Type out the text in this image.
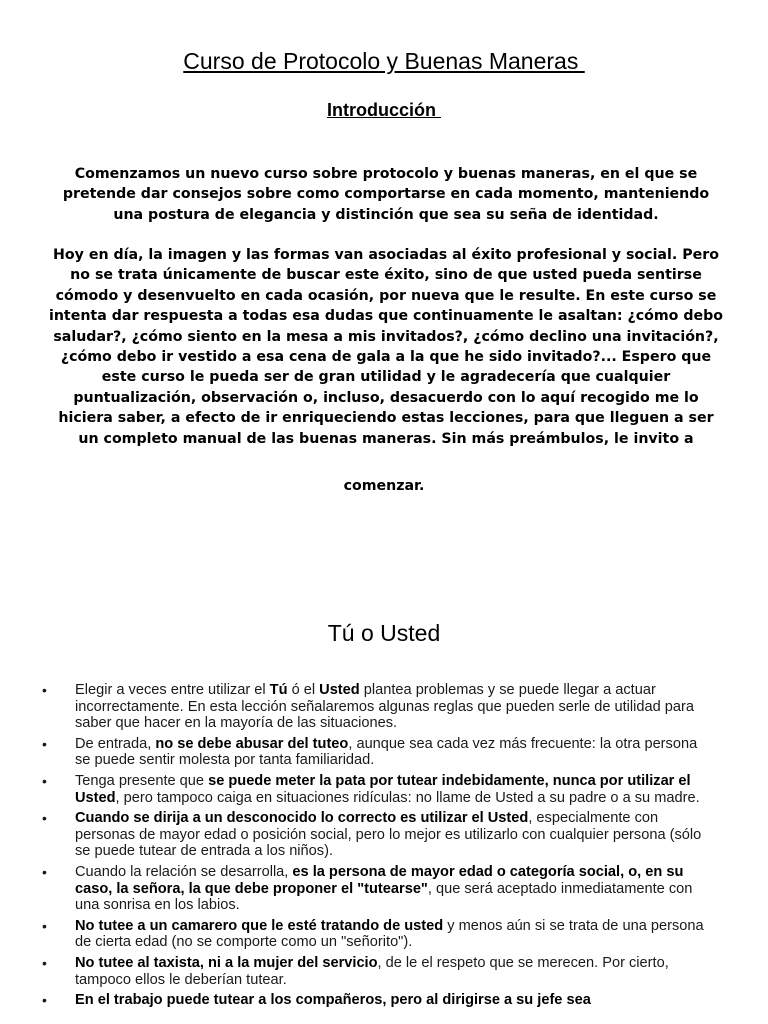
Curso de Protocolo y Buenas Maneras
Introducción
Comenzamos un nuevo curso sobre protocolo y buenas maneras, en el que se pretende dar consejos sobre como comportarse en cada momento, manteniendo una postura de elegancia y distinción que sea su seña de identidad.
Hoy en día, la imagen y las formas van asociadas al éxito profesional y social. Pero no se trata únicamente de buscar este éxito, sino de que usted pueda sentirse cómodo y desenvuelto en cada ocasión, por nueva que le resulte. En este curso se intenta dar respuesta a todas esa dudas que continuamente le asaltan: ¿cómo debo saludar?, ¿cómo siento en la mesa a mis invitados?, ¿cómo declino una invitación?, ¿cómo debo ir vestido a esa cena de gala a la que he sido invitado?... Espero que este curso le pueda ser de gran utilidad y le agradecería que cualquier puntualización, observación o, incluso, desacuerdo con lo aquí recogido me lo hiciera saber, a efecto de ir enriqueciendo estas lecciones, para que lleguen a ser un completo manual de las buenas maneras. Sin más preámbulos, le invito a
comenzar.
Tú o Usted
• Elegir a veces entre utilizar el Tú ó el Usted plantea problemas y se puede llegar a actuar incorrectamente. En esta lección señalaremos algunas reglas que pueden serle de utilidad para saber que hacer en la mayoría de las situaciones.
• De entrada, no se debe abusar del tuteo, aunque sea cada vez más frecuente: la otra persona se puede sentir molesta por tanta familiaridad.
• Tenga presente que se puede meter la pata por tutear indebidamente, nunca por utilizar el Usted, pero tampoco caiga en situaciones ridículas: no llame de Usted a su padre o a su madre.
• Cuando se dirija a un desconocido lo correcto es utilizar el Usted, especialmente con personas de mayor edad o posición social, pero lo mejor es utilizarlo con cualquier persona (sólo se puede tutear de entrada a los niños).
• Cuando la relación se desarrolla, es la persona de mayor edad o categoría social, o, en su caso, la señora, la que debe proponer el "tutearse", que será aceptado inmediatamente con una sonrisa en los labios.
• No tutee a un camarero que le esté tratando de usted y menos aún si se trata de una persona de cierta edad (no se comporte como un "señorito").
• No tutee al taxista, ni a la mujer del servicio, de le el respeto que se merecen. Por cierto, tampoco ellos le deberían tutear.
• En el trabajo puede tutear a los compañeros, pero al dirigirse a su jefe sea
